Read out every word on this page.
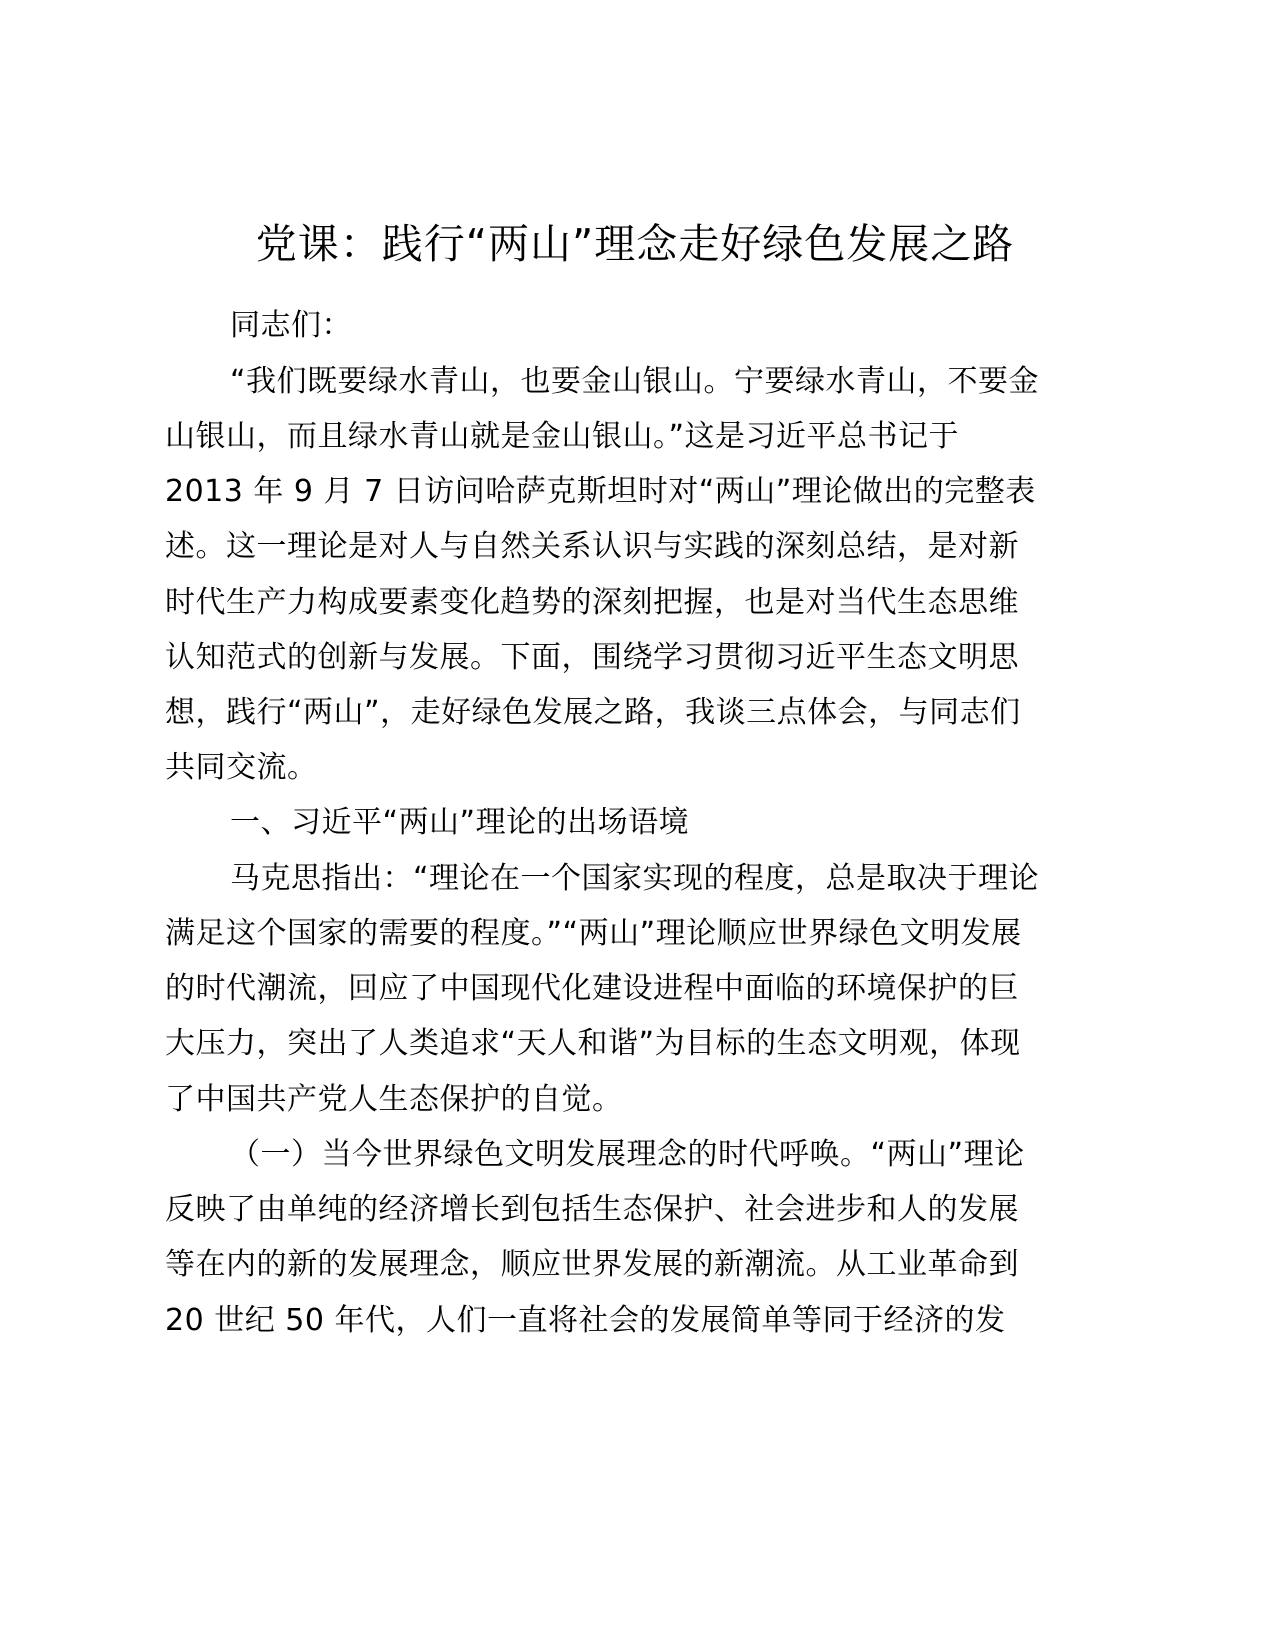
党课：践行“两山”理念走好绿色发展之路
同志们：
“我们既要绿水青山，也要金山银山。宁要绿水青山，不要金
山银山，而且绿水青山就是金山银山。”这是习近平总书记于
2013 年 9 月 7 日访问哈萨克斯坦时对“两山”理论做出的完整表
述。这一理论是对人与自然关系认识与实践的深刻总结，是对新
时代生产力构成要素变化趋势的深刻把握，也是对当代生态思维
认知范式的创新与发展。下面，围绕学习贯彻习近平生态文明思
想，践行“两山”，走好绿色发展之路，我谈三点体会，与同志们
共同交流。
一、习近平“两山”理论的出场语境
马克思指出：“理论在一个国家实现的程度，总是取决于理论
满足这个国家的需要的程度。”“两山”理论顺应世界绿色文明发展
的时代潮流，回应了中国现代化建设进程中面临的环境保护的巨
大压力，突出了人类追求“天人和谐”为目标的生态文明观，体现
了中国共产党人生态保护的自觉。
（一）当今世界绿色文明发展理念的时代呼唤。“两山”理论
反映了由单纯的经济增长到包括生态保护、社会进步和人的发展
等在内的新的发展理念，顺应世界发展的新潮流。从工业革命到
20 世纪 50 年代，人们一直将社会的发展简单等同于经济的发
